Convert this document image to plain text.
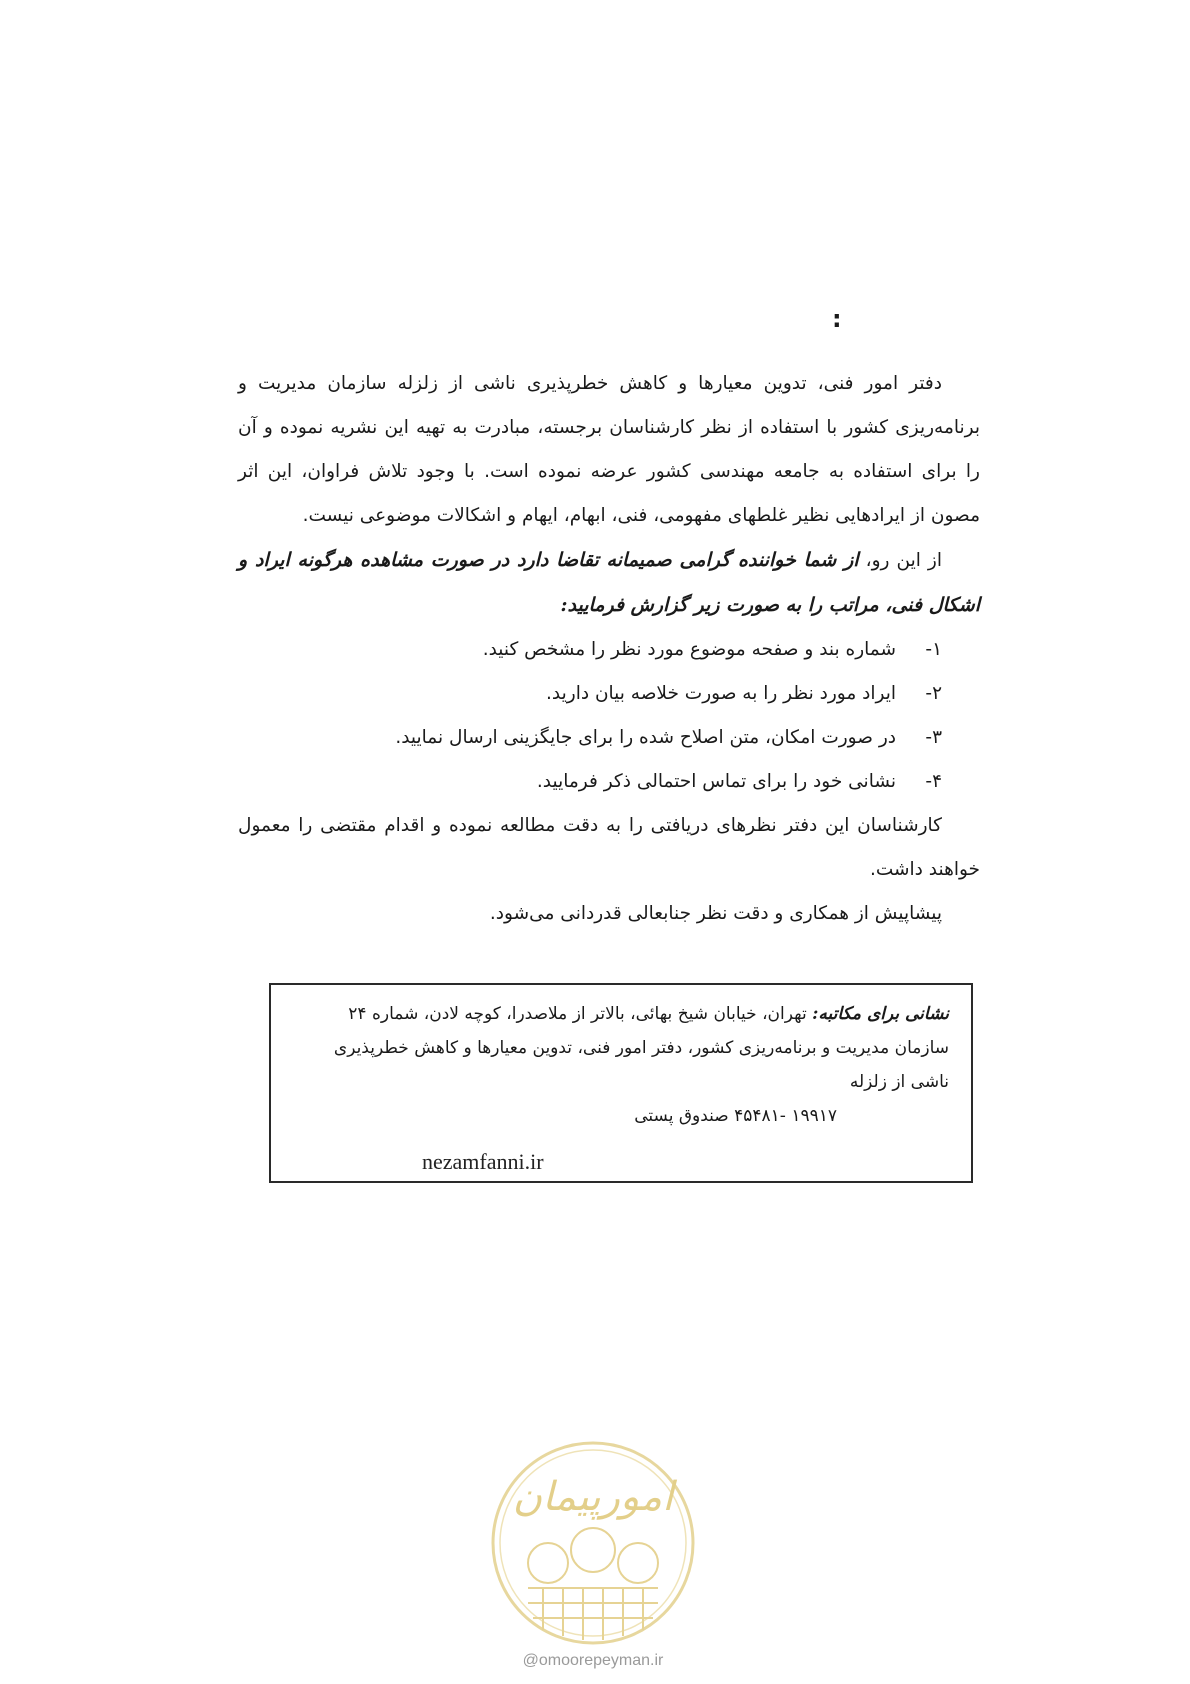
:

دفتر امور فنی، تدوین معیارها و کاهش خطرپذیری ناشی از زلزله سازمان مدیریت و برنامه‌ریزی کشور با استفاده از نظر کارشناسان برجسته، مبادرت به تهیه این نشریه نموده و آن را برای استفاده به جامعه مهندسی کشور عرضه نموده است. با وجود تلاش فراوان، این اثر مصون از ایرادهایی نظیر غلطهای مفهومی، فنی، ابهام، ایهام و اشکالات موضوعی نیست.

از این رو، از شما خواننده گرامی صمیمانه تقاضا دارد در صورت مشاهده هرگونه ایراد و اشکال فنی، مراتب را به صورت زیر گزارش فرمایید:

۱-
شماره بند و صفحه موضوع مورد نظر را مشخص کنید.
۲-
ایراد مورد نظر را به صورت خلاصه بیان دارید.
۳-
در صورت امکان، متن اصلاح شده را برای جایگزینی ارسال نمایید.
۴-
نشانی خود را برای تماس احتمالی ذکر فرمایید.

کارشناسان این دفتر نظرهای دریافتی را به دقت مطالعه نموده و اقدام مقتضی را معمول خواهند داشت.

پیشاپیش از همکاری و دقت نظر جنابعالی قدردانی می‌شود.

نشانی برای مکاتبه: تهران، خیابان شیخ بهائی، بالاتر از ملاصدرا، کوچه لادن، شماره ۲۴

سازمان مدیریت و برنامه‌ریزی کشور، دفتر امور فنی، تدوین معیارها و کاهش خطرپذیری ناشی از زلزله

۱۹۹۱۷ -۴۵۴۸۱ صندوق پستی

nezamfanni.ir
امورپیمان
@omoorepeyman.ir
